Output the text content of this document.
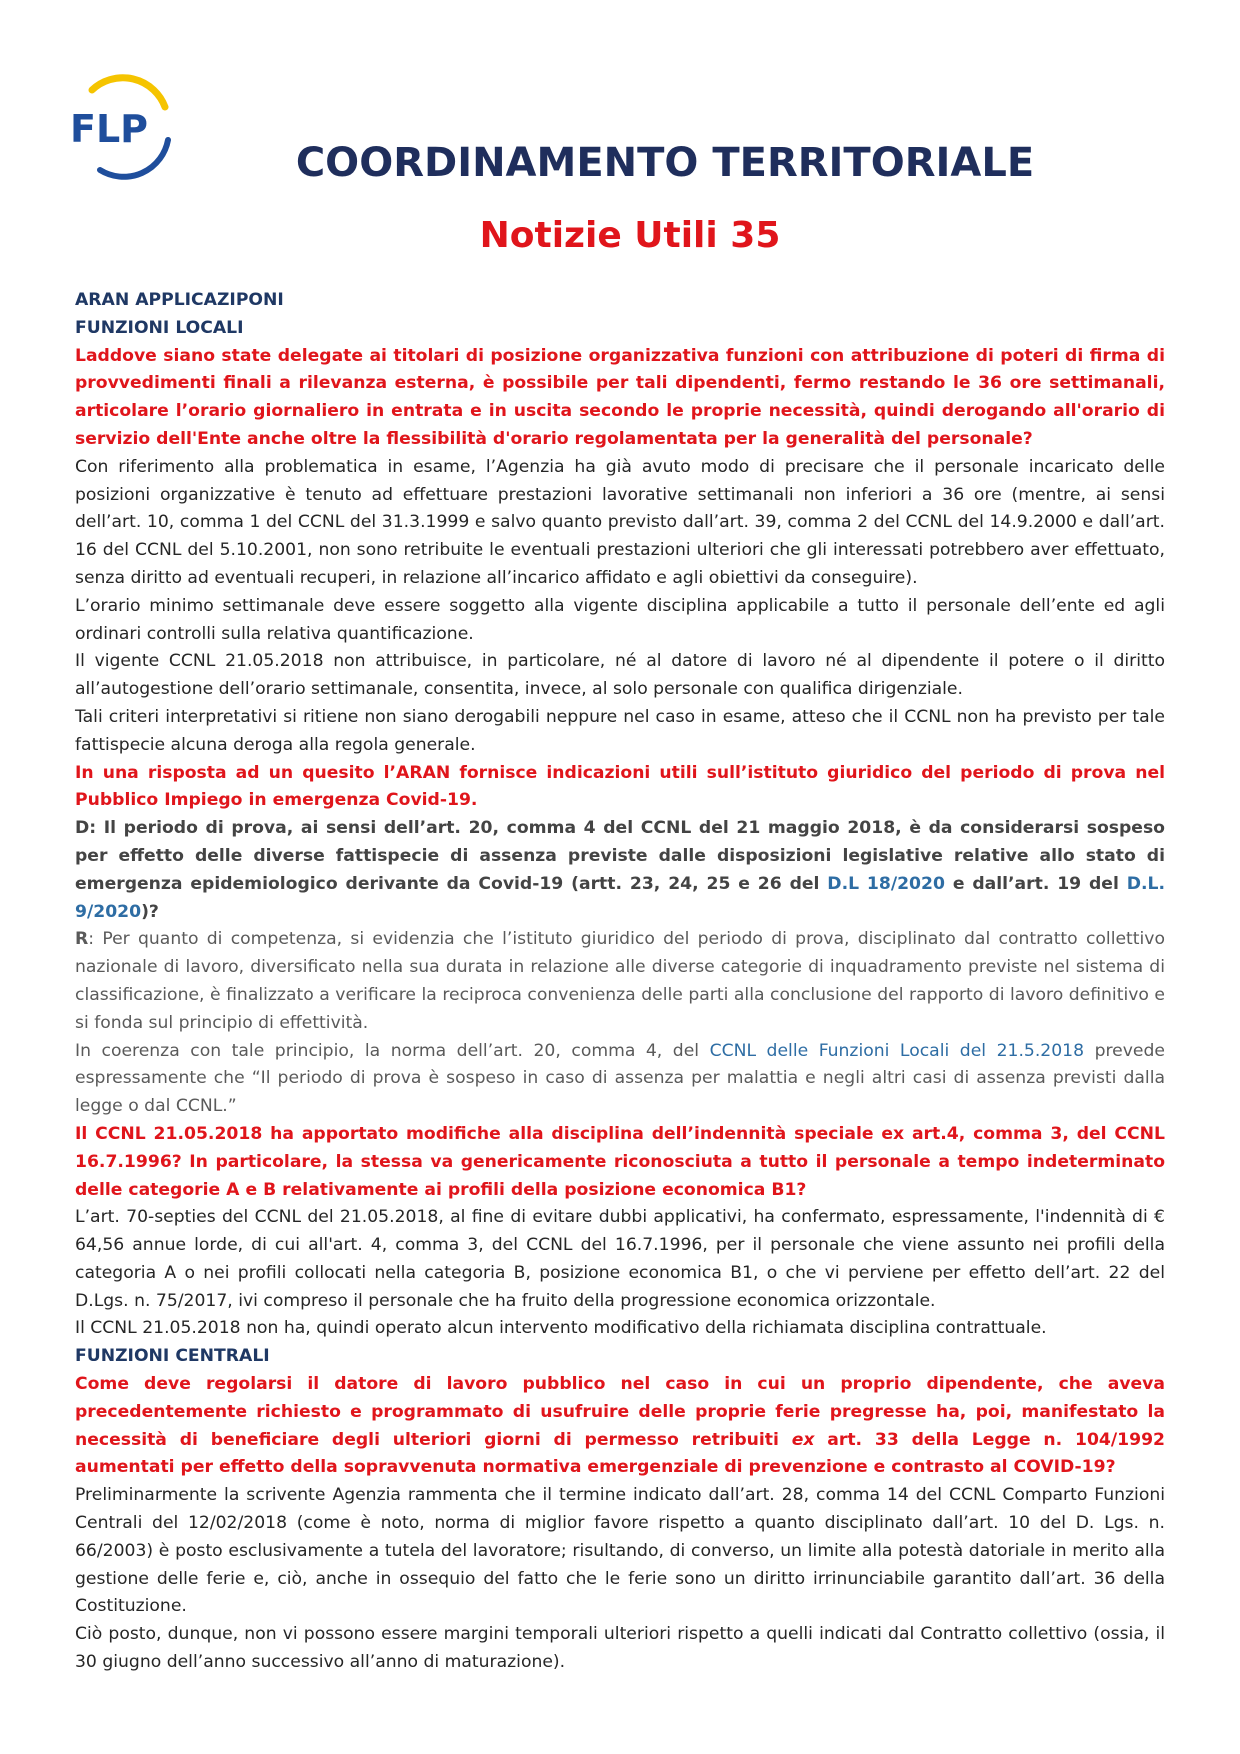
FLP
COORDINAMENTO TERRITORIALE
Notizie Utili 35

ARAN APPLICAZIPONI

FUNZIONI LOCALI

Laddove siano state delegate ai titolari di posizione organizzativa funzioni con attribuzione di poteri di firma di provvedimenti finali a rilevanza esterna, è possibile per tali dipendenti, fermo restando le 36 ore settimanali, articolare l’orario giornaliero in entrata e in uscita secondo le proprie necessità, quindi derogando all'orario di servizio dell'Ente anche oltre la flessibilità d'orario regolamentata per la generalità del personale?

Con riferimento alla problematica in esame, l’Agenzia ha già avuto modo di precisare che il personale incaricato delle posizioni organizzative è tenuto ad effettuare prestazioni lavorative settimanali non inferiori a 36 ore (mentre, ai sensi dell’art. 10, comma 1 del CCNL del 31.3.1999 e salvo quanto previsto dall’art. 39, comma 2 del CCNL del 14.9.2000 e dall’art. 16 del CCNL del 5.10.2001, non sono retribuite le eventuali prestazioni ulteriori che gli interessati potrebbero aver effettuato, senza diritto ad eventuali recuperi, in relazione all’incarico affidato e agli obiettivi da conseguire).

L’orario minimo settimanale deve essere soggetto alla vigente disciplina applicabile a tutto il personale dell’ente ed agli ordinari controlli sulla relativa quantificazione.

Il vigente CCNL 21.05.2018 non attribuisce, in particolare, né al datore di lavoro né al dipendente il potere o il diritto all’autogestione dell’orario settimanale, consentita, invece, al solo personale con qualifica dirigenziale.

Tali criteri interpretativi si ritiene non siano derogabili neppure nel caso in esame, atteso che il CCNL non ha previsto per tale fattispecie alcuna deroga alla regola generale.

In una risposta ad un quesito l’ARAN fornisce indicazioni utili sull’istituto giuridico del periodo di prova nel Pubblico Impiego in emergenza Covid-19.

D: Il periodo di prova, ai sensi dell’art. 20, comma 4 del CCNL del 21 maggio 2018, è da considerarsi sospeso per effetto delle diverse fattispecie di assenza previste dalle disposizioni legislative relative allo stato di emergenza epidemiologico derivante da Covid-19 (artt. 23, 24, 25 e 26 del D.L 18/2020 e dall’art. 19 del D.L. 9/2020)?

R: Per quanto di competenza, si evidenzia che l’istituto giuridico del periodo di prova, disciplinato dal contratto collettivo nazionale di lavoro, diversificato nella sua durata in relazione alle diverse categorie di inquadramento previste nel sistema di classificazione, è finalizzato a verificare la reciproca convenienza delle parti alla conclusione del rapporto di lavoro definitivo e si fonda sul principio di effettività.

In coerenza con tale principio, la norma dell’art. 20, comma 4, del CCNL delle Funzioni Locali del 21.5.2018 prevede espressamente che “Il periodo di prova è sospeso in caso di assenza per malattia e negli altri casi di assenza previsti dalla legge o dal CCNL.”

Il CCNL 21.05.2018 ha apportato modifiche alla disciplina dell’indennità speciale ex art.4, comma 3, del CCNL 16.7.1996? In particolare, la stessa va genericamente riconosciuta a tutto il personale a tempo indeterminato delle categorie A e B relativamente ai profili della posizione economica B1?

L’art. 70-septies del CCNL del 21.05.2018, al fine di evitare dubbi applicativi, ha confermato, espressamente, l'indennità di € 64,56 annue lorde, di cui all'art. 4, comma 3, del CCNL del 16.7.1996, per il personale che viene assunto nei profili della categoria A o nei profili collocati nella categoria B, posizione economica B1, o che vi perviene per effetto dell’art. 22 del D.Lgs. n. 75/2017, ivi compreso il personale che ha fruito della progressione economica orizzontale.

Il CCNL 21.05.2018 non ha, quindi operato alcun intervento modificativo della richiamata disciplina contrattuale.

FUNZIONI CENTRALI

Come deve regolarsi il datore di lavoro pubblico nel caso in cui un proprio dipendente, che aveva precedentemente richiesto e programmato di usufruire delle proprie ferie pregresse ha, poi, manifestato la necessità di beneficiare degli ulteriori giorni di permesso retribuiti ex art. 33 della Legge n. 104/1992 aumentati per effetto della sopravvenuta normativa emergenziale di prevenzione e contrasto al COVID-19?

Preliminarmente la scrivente Agenzia rammenta che il termine indicato dall’art. 28, comma 14 del CCNL Comparto Funzioni Centrali del 12/02/2018 (come è noto, norma di miglior favore rispetto a quanto disciplinato dall’art. 10 del D. Lgs. n. 66/2003) è posto esclusivamente a tutela del lavoratore; risultando, di converso, un limite alla potestà datoriale in merito alla gestione delle ferie e, ciò, anche in ossequio del fatto che le ferie sono un diritto irrinunciabile garantito dall’art. 36 della Costituzione.

Ciò posto, dunque, non vi possono essere margini temporali ulteriori rispetto a quelli indicati dal Contratto collettivo (ossia, il 30 giugno dell’anno successivo all’anno di maturazione).
